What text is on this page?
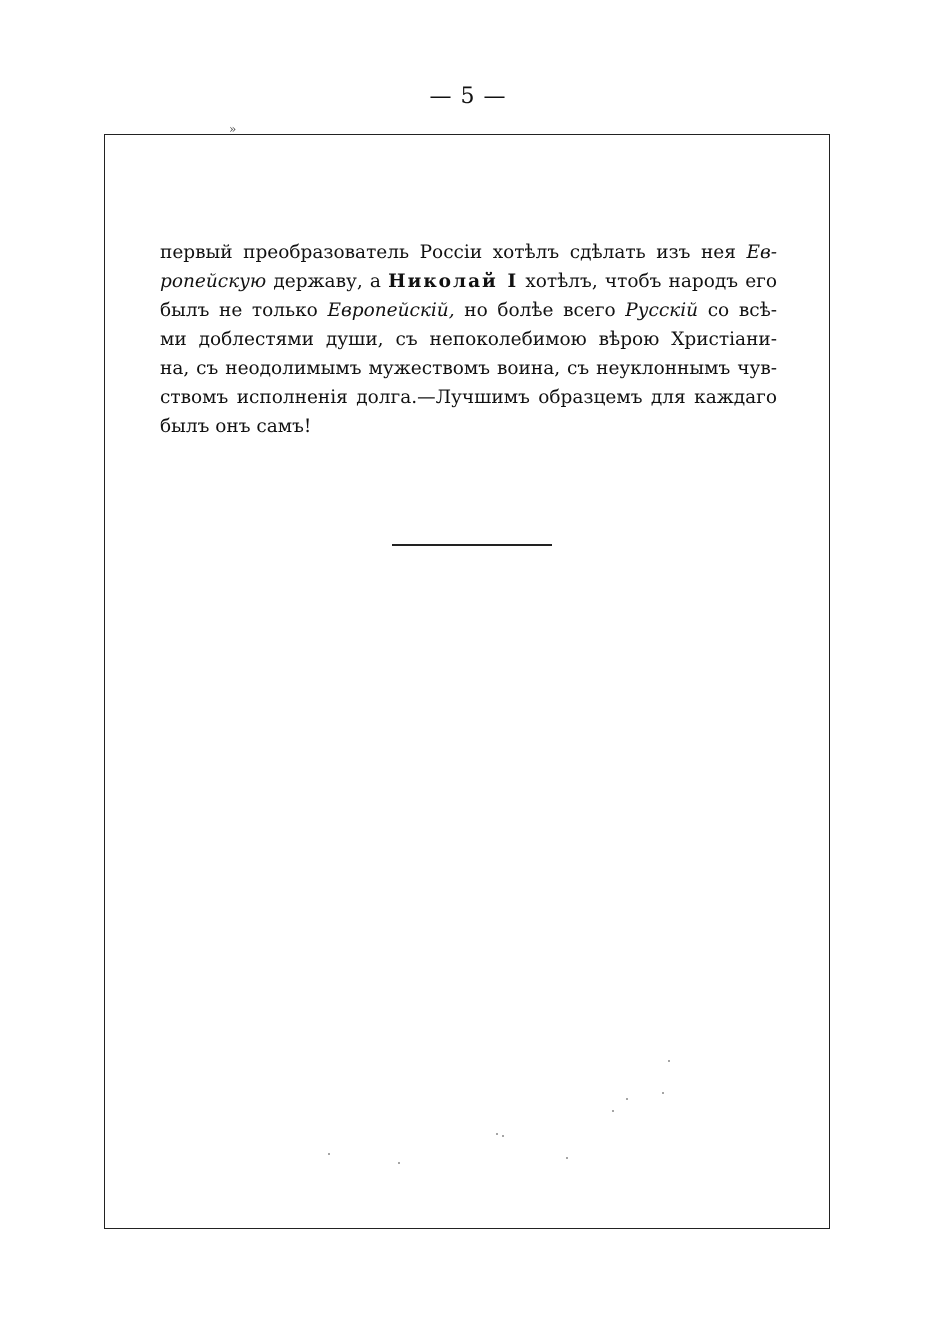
— 5 —
»
первый преобразователь Россіи хотѣлъ сдѣлать изъ нея Ев-
ропейскую державу, а Николай I хотѣлъ, чтобъ народъ его
былъ не только Европейскій, но болѣе всего Русскій со всѣ-
ми доблестями души, съ непоколебимою вѣрою Христіани-
на, съ неодолимымъ мужествомъ воина, съ неуклоннымъ чув-
ствомъ исполненія долга.—Лучшимъ образцемъ для каждаго
былъ онъ самъ!
